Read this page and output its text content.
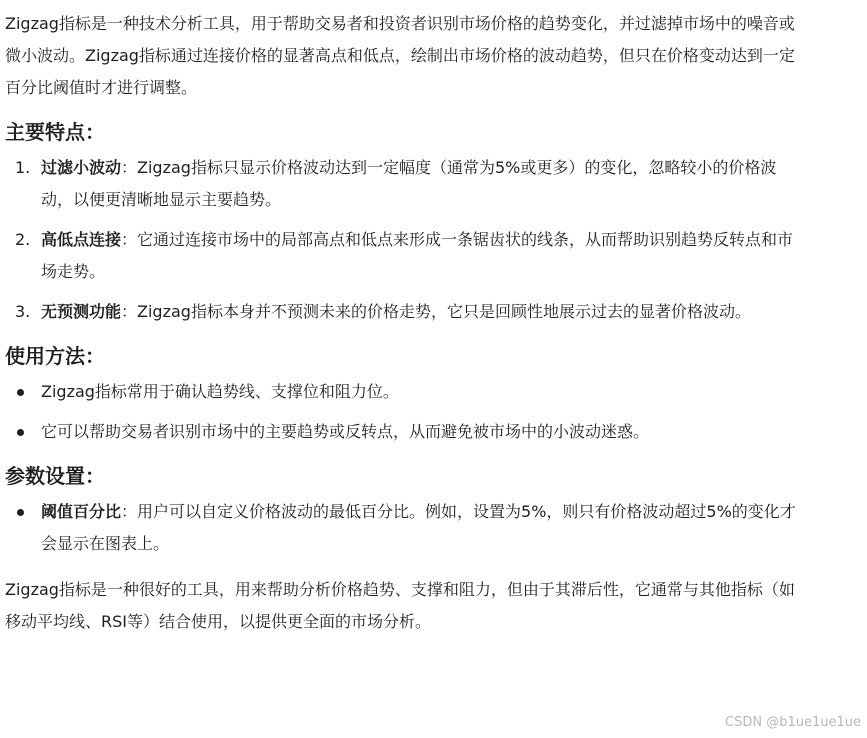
Zigzag指标是一种技术分析工具，用于帮助交易者和投资者识别市场价格的趋势变化，并过滤掉市场中的噪音或微小波动。Zigzag指标通过连接价格的显著高点和低点，绘制出市场价格的波动趋势，但只在价格变动达到一定百分比阈值时才进行调整。

主要特点：
1. 过滤小波动：Zigzag指标只显示价格波动达到一定幅度（通常为5%或更多）的变化，忽略较小的价格波动，以便更清晰地显示主要趋势。
2. 高低点连接：它通过连接市场中的局部高点和低点来形成一条锯齿状的线条，从而帮助识别趋势反转点和市场走势。
3. 无预测功能：Zigzag指标本身并不预测未来的价格走势，它只是回顾性地展示过去的显著价格波动。
使用方法：
Zigzag指标常用于确认趋势线、支撑位和阻力位。
它可以帮助交易者识别市场中的主要趋势或反转点，从而避免被市场中的小波动迷惑。
参数设置：
阈值百分比：用户可以自定义价格波动的最低百分比。例如，设置为5%，则只有价格波动超过5%的变化才会显示在图表上。

Zigzag指标是一种很好的工具，用来帮助分析价格趋势、支撑和阻力，但由于其滞后性，它通常与其他指标（如移动平均线、RSI等）结合使用，以提供更全面的市场分析。

CSDN @b1ue1ue1ue
